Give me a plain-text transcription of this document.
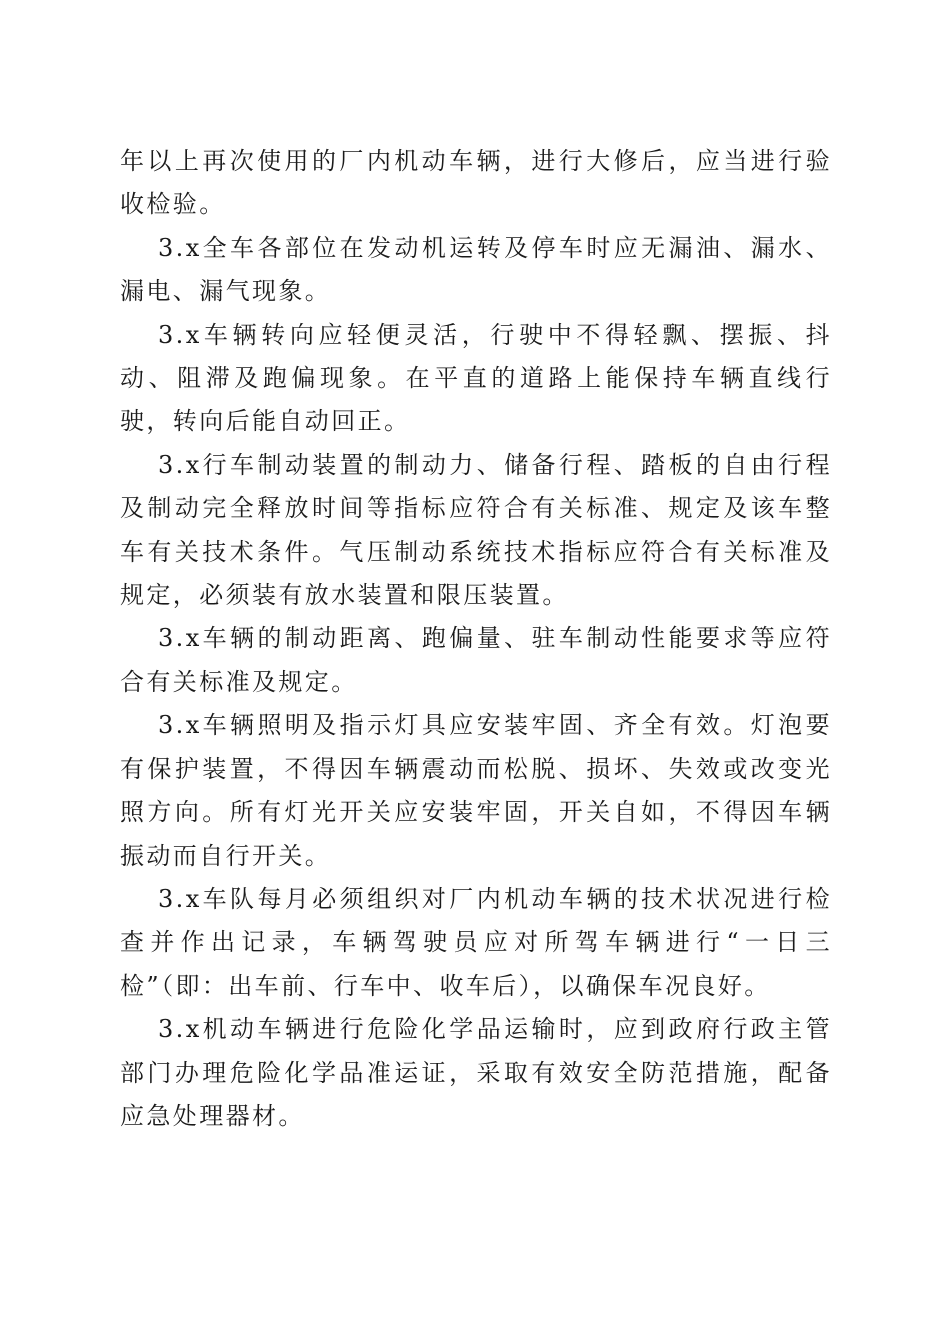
年以上再次使用的厂内机动车辆，进行大修后，应当进行验收检验。

3.x全车各部位在发动机运转及停车时应无漏油、漏水、漏电、漏气现象。

3.x车辆转向应轻便灵活，行驶中不得轻飘、摆振、抖动、阻滞及跑偏现象。在平直的道路上能保持车辆直线行驶，转向后能自动回正。

3.x行车制动装置的制动力、储备行程、踏板的自由行程及制动完全释放时间等指标应符合有关标准、规定及该车整车有关技术条件。气压制动系统技术指标应符合有关标准及规定，必须装有放水装置和限压装置。

3.x车辆的制动距离、跑偏量、驻车制动性能要求等应符合有关标准及规定。

3.x车辆照明及指示灯具应安装牢固、齐全有效。灯泡要有保护装置，不得因车辆震动而松脱、损坏、失效或改变光照方向。所有灯光开关应安装牢固，开关自如，不得因车辆振动而自行开关。

3.x车队每月必须组织对厂内机动车辆的技术状况进行检查并作出记录，车辆驾驶员应对所驾车辆进行“一日三检”（即：出车前、行车中、收车后），以确保车况良好。

3.x机动车辆进行危险化学品运输时，应到政府行政主管部门办理危险化学品准运证，采取有效安全防范措施，配备应急处理器材。
